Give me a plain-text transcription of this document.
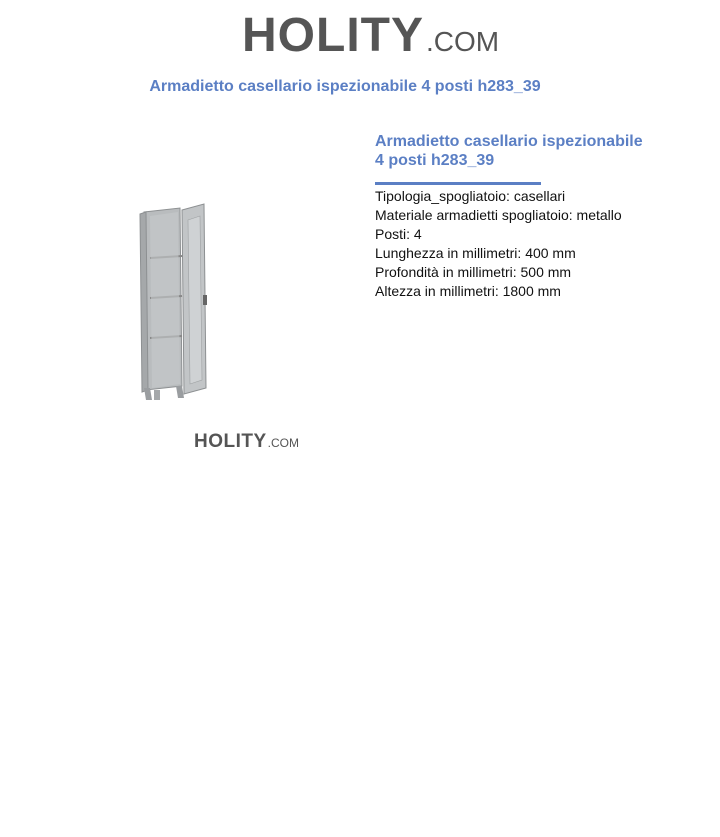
HOLITY .COM
Armadietto casellario ispezionabile 4 posti h283_39
HOLITY .COM
Armadietto casellario ispezionabile
4 posti h283_39
Tipologia_spogliatoio: casellari
Materiale armadietti spogliatoio: metallo
Posti: 4
Lunghezza in millimetri: 400 mm
Profondità in millimetri: 500 mm
Altezza in millimetri: 1800 mm
